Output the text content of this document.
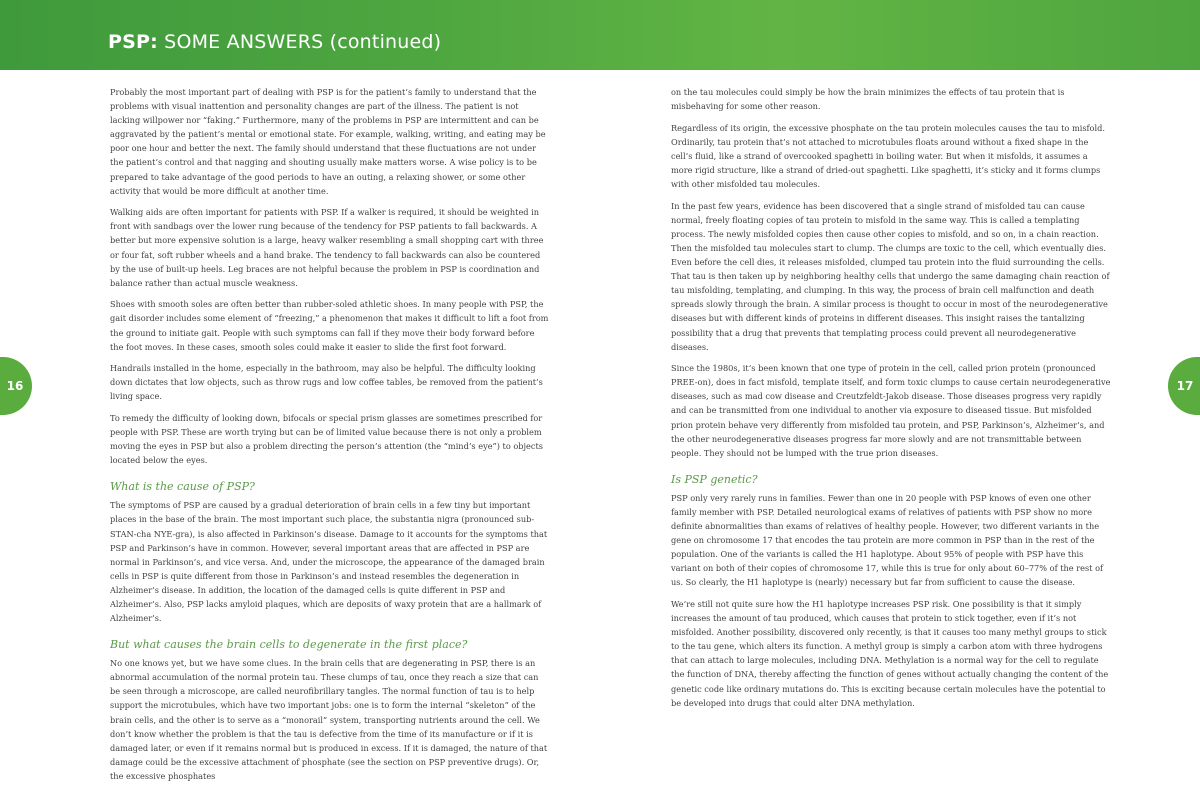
PSP: SOME ANSWERS (continued)
16	17

Probably the most important part of dealing with PSP is for the patient’s family to understand that the problems with visual inattention and personality changes are part of the illness. The patient is not lacking willpower nor “faking.” Furthermore, many of the problems in PSP are intermittent and can be aggravated by the patient’s mental or emotional state. For example, walking, writing, and eating may be poor one hour and better the next. The family should understand that these fluctuations are not under the patient’s control and that nagging and shouting usually make matters worse. A wise policy is to be prepared to take advantage of the good periods to have an outing, a relaxing shower, or some other activity that would be more difficult at another time.

Walking aids are often important for patients with PSP. If a walker is required, it should be weighted in front with sandbags over the lower rung because of the tendency for PSP patients to fall backwards. A better but more expensive solution is a large, heavy walker resembling a small shopping cart with three or four fat, soft rubber wheels and a hand brake. The tendency to fall backwards can also be countered by the use of built-up heels. Leg braces are not helpful because the problem in PSP is coordination and balance rather than actual muscle weakness.

Shoes with smooth soles are often better than rubber-soled athletic shoes. In many people with PSP, the gait disorder includes some element of “freezing,” a phenomenon that makes it difficult to lift a foot from the ground to initiate gait. People with such symptoms can fall if they move their body forward before the foot moves. In these cases, smooth soles could make it easier to slide the first foot forward.

Handrails installed in the home, especially in the bathroom, may also be helpful. The difficulty looking down dictates that low objects, such as throw rugs and low coffee tables, be removed from the patient’s living space.

To remedy the difficulty of looking down, bifocals or special prism glasses are sometimes prescribed for people with PSP. These are worth trying but can be of limited value because there is not only a problem moving the eyes in PSP but also a problem directing the person’s attention (the “mind’s eye”) to objects located below the eyes.

What is the cause of PSP?

The symptoms of PSP are caused by a gradual deterioration of brain cells in a few tiny but important places in the base of the brain. The most important such place, the substantia nigra (pronounced sub-STAN-cha NYE-gra), is also affected in Parkinson’s disease. Damage to it accounts for the symptoms that PSP and Parkinson’s have in common. However, several important areas that are affected in PSP are normal in Parkinson’s, and vice versa. And, under the microscope, the appearance of the damaged brain cells in PSP is quite different from those in Parkinson’s and instead resembles the degeneration in Alzheimer’s disease. In addition, the location of the damaged cells is quite different in PSP and Alzheimer’s. Also, PSP lacks amyloid plaques, which are deposits of waxy protein that are a hallmark of Alzheimer’s.

But what causes the brain cells to degenerate in the first place?

No one knows yet, but we have some clues. In the brain cells that are degenerating in PSP, there is an abnormal accumulation of the normal protein tau. These clumps of tau, once they reach a size that can be seen through a microscope, are called neurofibrillary tangles. The normal function of tau is to help support the microtubules, which have two important jobs: one is to form the internal “skeleton” of the brain cells, and the other is to serve as a “monorail” system, transporting nutrients around the cell. We don’t know whether the problem is that the tau is defective from the time of its manufacture or if it is damaged later, or even if it remains normal but is produced in excess. If it is damaged, the nature of that damage could be the excessive attachment of phosphate (see the section on PSP preventive drugs). Or, the excessive phosphates

on the tau molecules could simply be how the brain minimizes the effects of tau protein that is misbehaving for some other reason.

Regardless of its origin, the excessive phosphate on the tau protein molecules causes the tau to misfold. Ordinarily, tau protein that’s not attached to microtubules floats around without a fixed shape in the cell’s fluid, like a strand of overcooked spaghetti in boiling water. But when it misfolds, it assumes a more rigid structure, like a strand of dried-out spaghetti. Like spaghetti, it’s sticky and it forms clumps with other misfolded tau molecules.

In the past few years, evidence has been discovered that a single strand of misfolded tau can cause normal, freely floating copies of tau protein to misfold in the same way. This is called a templating process. The newly misfolded copies then cause other copies to misfold, and so on, in a chain reaction. Then the misfolded tau molecules start to clump. The clumps are toxic to the cell, which eventually dies. Even before the cell dies, it releases misfolded, clumped tau protein into the fluid surrounding the cells. That tau is then taken up by neighboring healthy cells that undergo the same damaging chain reaction of tau misfolding, templating, and clumping. In this way, the process of brain cell malfunction and death spreads slowly through the brain. A similar process is thought to occur in most of the neurodegenerative diseases but with different kinds of proteins in different diseases. This insight raises the tantalizing possibility that a drug that prevents that templating process could prevent all neurodegenerative diseases.

Since the 1980s, it’s been known that one type of protein in the cell, called prion protein (pronounced PREE-on), does in fact misfold, template itself, and form toxic clumps to cause certain neurodegenerative diseases, such as mad cow disease and Creutzfeldt-Jakob disease. Those diseases progress very rapidly and can be transmitted from one individual to another via exposure to diseased tissue. But misfolded prion protein behave very differently from misfolded tau protein, and PSP, Parkinson’s, Alzheimer’s, and the other neurodegenerative diseases progress far more slowly and are not transmittable between people. They should not be lumped with the true prion diseases.

Is PSP genetic?

PSP only very rarely runs in families. Fewer than one in 20 people with PSP knows of even one other family member with PSP. Detailed neurological exams of relatives of patients with PSP show no more definite abnormalities than exams of relatives of healthy people. However, two different variants in the gene on chromosome 17 that encodes the tau protein are more common in PSP than in the rest of the population. One of the variants is called the H1 haplotype. About 95% of people with PSP have this variant on both of their copies of chromosome 17, while this is true for only about 60–77% of the rest of us. So clearly, the H1 haplotype is (nearly) necessary but far from sufficient to cause the disease.

We’re still not quite sure how the H1 haplotype increases PSP risk. One possibility is that it simply increases the amount of tau produced, which causes that protein to stick together, even if it’s not misfolded. Another possibility, discovered only recently, is that it causes too many methyl groups to stick to the tau gene, which alters its function. A methyl group is simply a carbon atom with three hydrogens that can attach to large molecules, including DNA. Methylation is a normal way for the cell to regulate the function of DNA, thereby affecting the function of genes without actually changing the content of the genetic code like ordinary mutations do. This is exciting because certain molecules have the potential to be developed into drugs that could alter DNA methylation.
